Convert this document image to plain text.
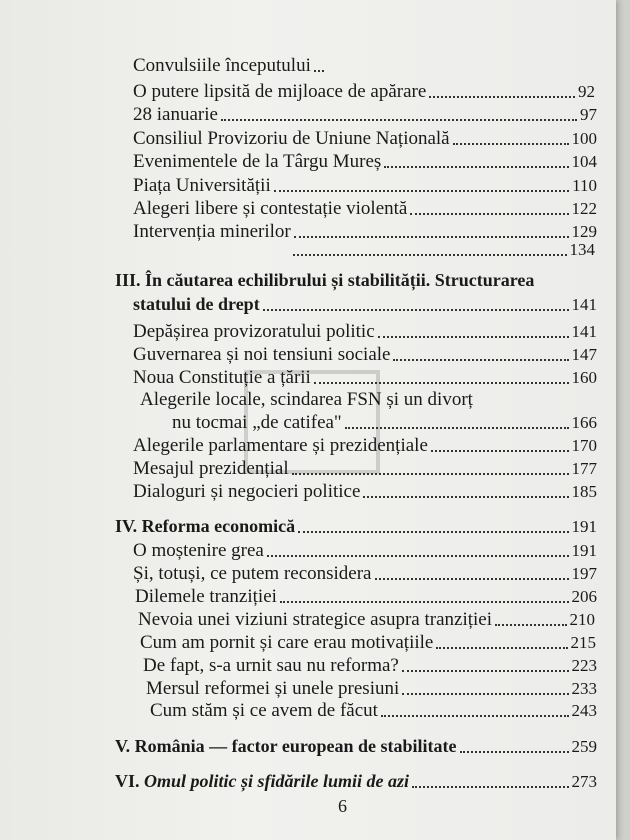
Convulsiile începutului
O putere lipsită de mijloace de apărare	92
28 ianuarie	97
Consiliul Provizoriu de Uniune Națională	100
Evenimentele de la Târgu Mureș	104
Piața Universității	110
Alegeri libere și contestație violentă	122
Intervenția minerilor	129
134
III. În căutarea echilibrului și stabilității. Structurarea
statului de drept	141
Depășirea provizoratului politic	141
Guvernarea și noi tensiuni sociale	147
Noua Constituție a țării	160
Alegerile locale, scindarea FSN și un divorț
nu tocmai „de catifea"	166
Alegerile parlamentare și prezidențiale	170
Mesajul prezidențial	177
Dialoguri și negocieri politice	185
IV. Reforma economică	191
O moștenire grea	191
Și, totuși, ce putem reconsidera	197
Dilemele tranziției	206
Nevoia unei viziuni strategice asupra tranziției	210
Cum am pornit și care erau motivațiile	215
De fapt, s-a urnit sau nu reforma?	223
Mersul reformei și unele presiuni	233
Cum stăm și ce avem de făcut	243
V. România — factor european de stabilitate	259
VI. Omul politic și sfidările lumii de azi	273
6
